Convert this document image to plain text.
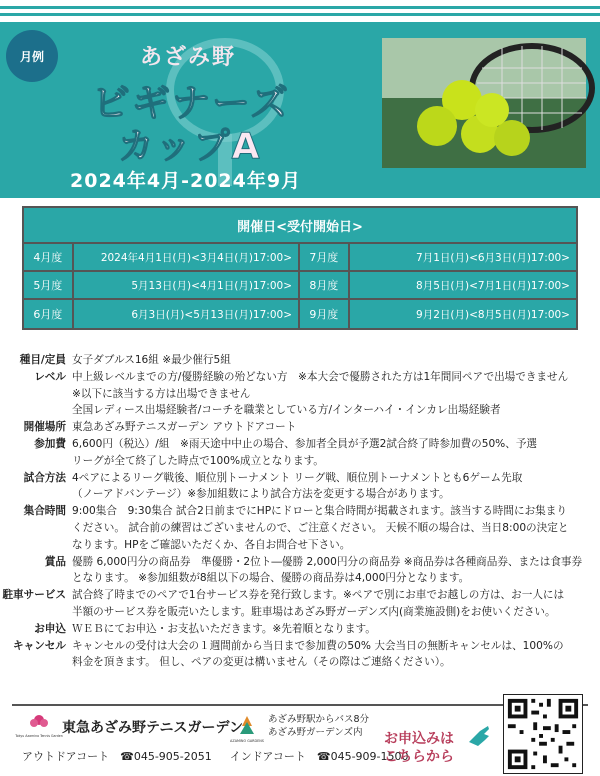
月例	あざみ野
ビギナーズ
カップA
2024年4月-2024年9月
開催日<受付開始日>
4月度	2024年4月1日(月)<3月4日(月)17:00>	7月度	7月1日(月)<6月3日(月)17:00>
5月度	5月13日(月)<4月1日(月)17:00>	8月度	8月5日(月)<7月1日(月)17:00>
6月度	6月3日(月)<5月13日(月)17:00>	9月度	9月2日(月)<8月5日(月)17:00>
種目/定員 女子ダブルス16組 ※最少催行5組
レベル 中上級レベルまでの方/優勝経験の殆どない方　※本大会で優勝された方は1年間同ペアで出場できません
※以下に該当する方は出場できません
全国レディース出場経験者/コーチを職業としている方/インターハイ・インカレ出場経験者
開催場所 東急あざみ野テニスガーデン アウトドアコート
参加費 6,600円（税込）/組　※雨天途中中止の場合、参加者全員が予選2試合終了時参加費の50%、予選
リーグが全て終了した時点で100%成立となります。
試合方法 4ペアによるリーグ戦後、順位別トーナメント リーグ戦、順位別トーナメントとも6ゲーム先取
（ノーアドバンテージ）※参加組数により試合方法を変更する場合があります。
集合時間 9:00集合　9:30集合 試合2日前までにHPにドローと集合時間が掲載されます。該当する時間にお集まり
ください。 試合前の練習はございませんので、ご注意ください。 天候不順の場合は、当日8:00の決定と
なります。HPをご確認いただくか、各自お問合せ下さい。
賞品 優勝 6,000円分の商品券　準優勝・2位ト―優勝 2,000円分の商品券 ※商品券は各種商品券、または食事券
となります。 ※参加組数が8組以下の場合、優勝の商品券は4,000円分となります。
駐車サービス 試合終了時までのペアで1台サービス券を発行致します。※ペアで別にお車でお越しの方は、お一人には
半額のサービス券を販売いたします。駐車場はあざみ野ガーデンズ内(商業施設側)をお使いください。
お申込 ＷＥＢにてお申込・お支払いただきます。※先着順となります。
キャンセル キャンセルの受付は大会の１週間前から当日まで参加費の50% 大会当日の無断キャンセルは、100%の
料金を頂きます。 但し、ペアの変更は構いません（その際はご連絡ください）。
Tokyu Azamino Tennis Garden 東急あざみ野テニスガーデン
AZAMINO GARDENS
あざみ野駅からバス8分
あざみ野ガーデンズ内
アウトドアコート　☎045-905-2051 インドアコート　☎045-909-1500
お申込みは
こちらから
